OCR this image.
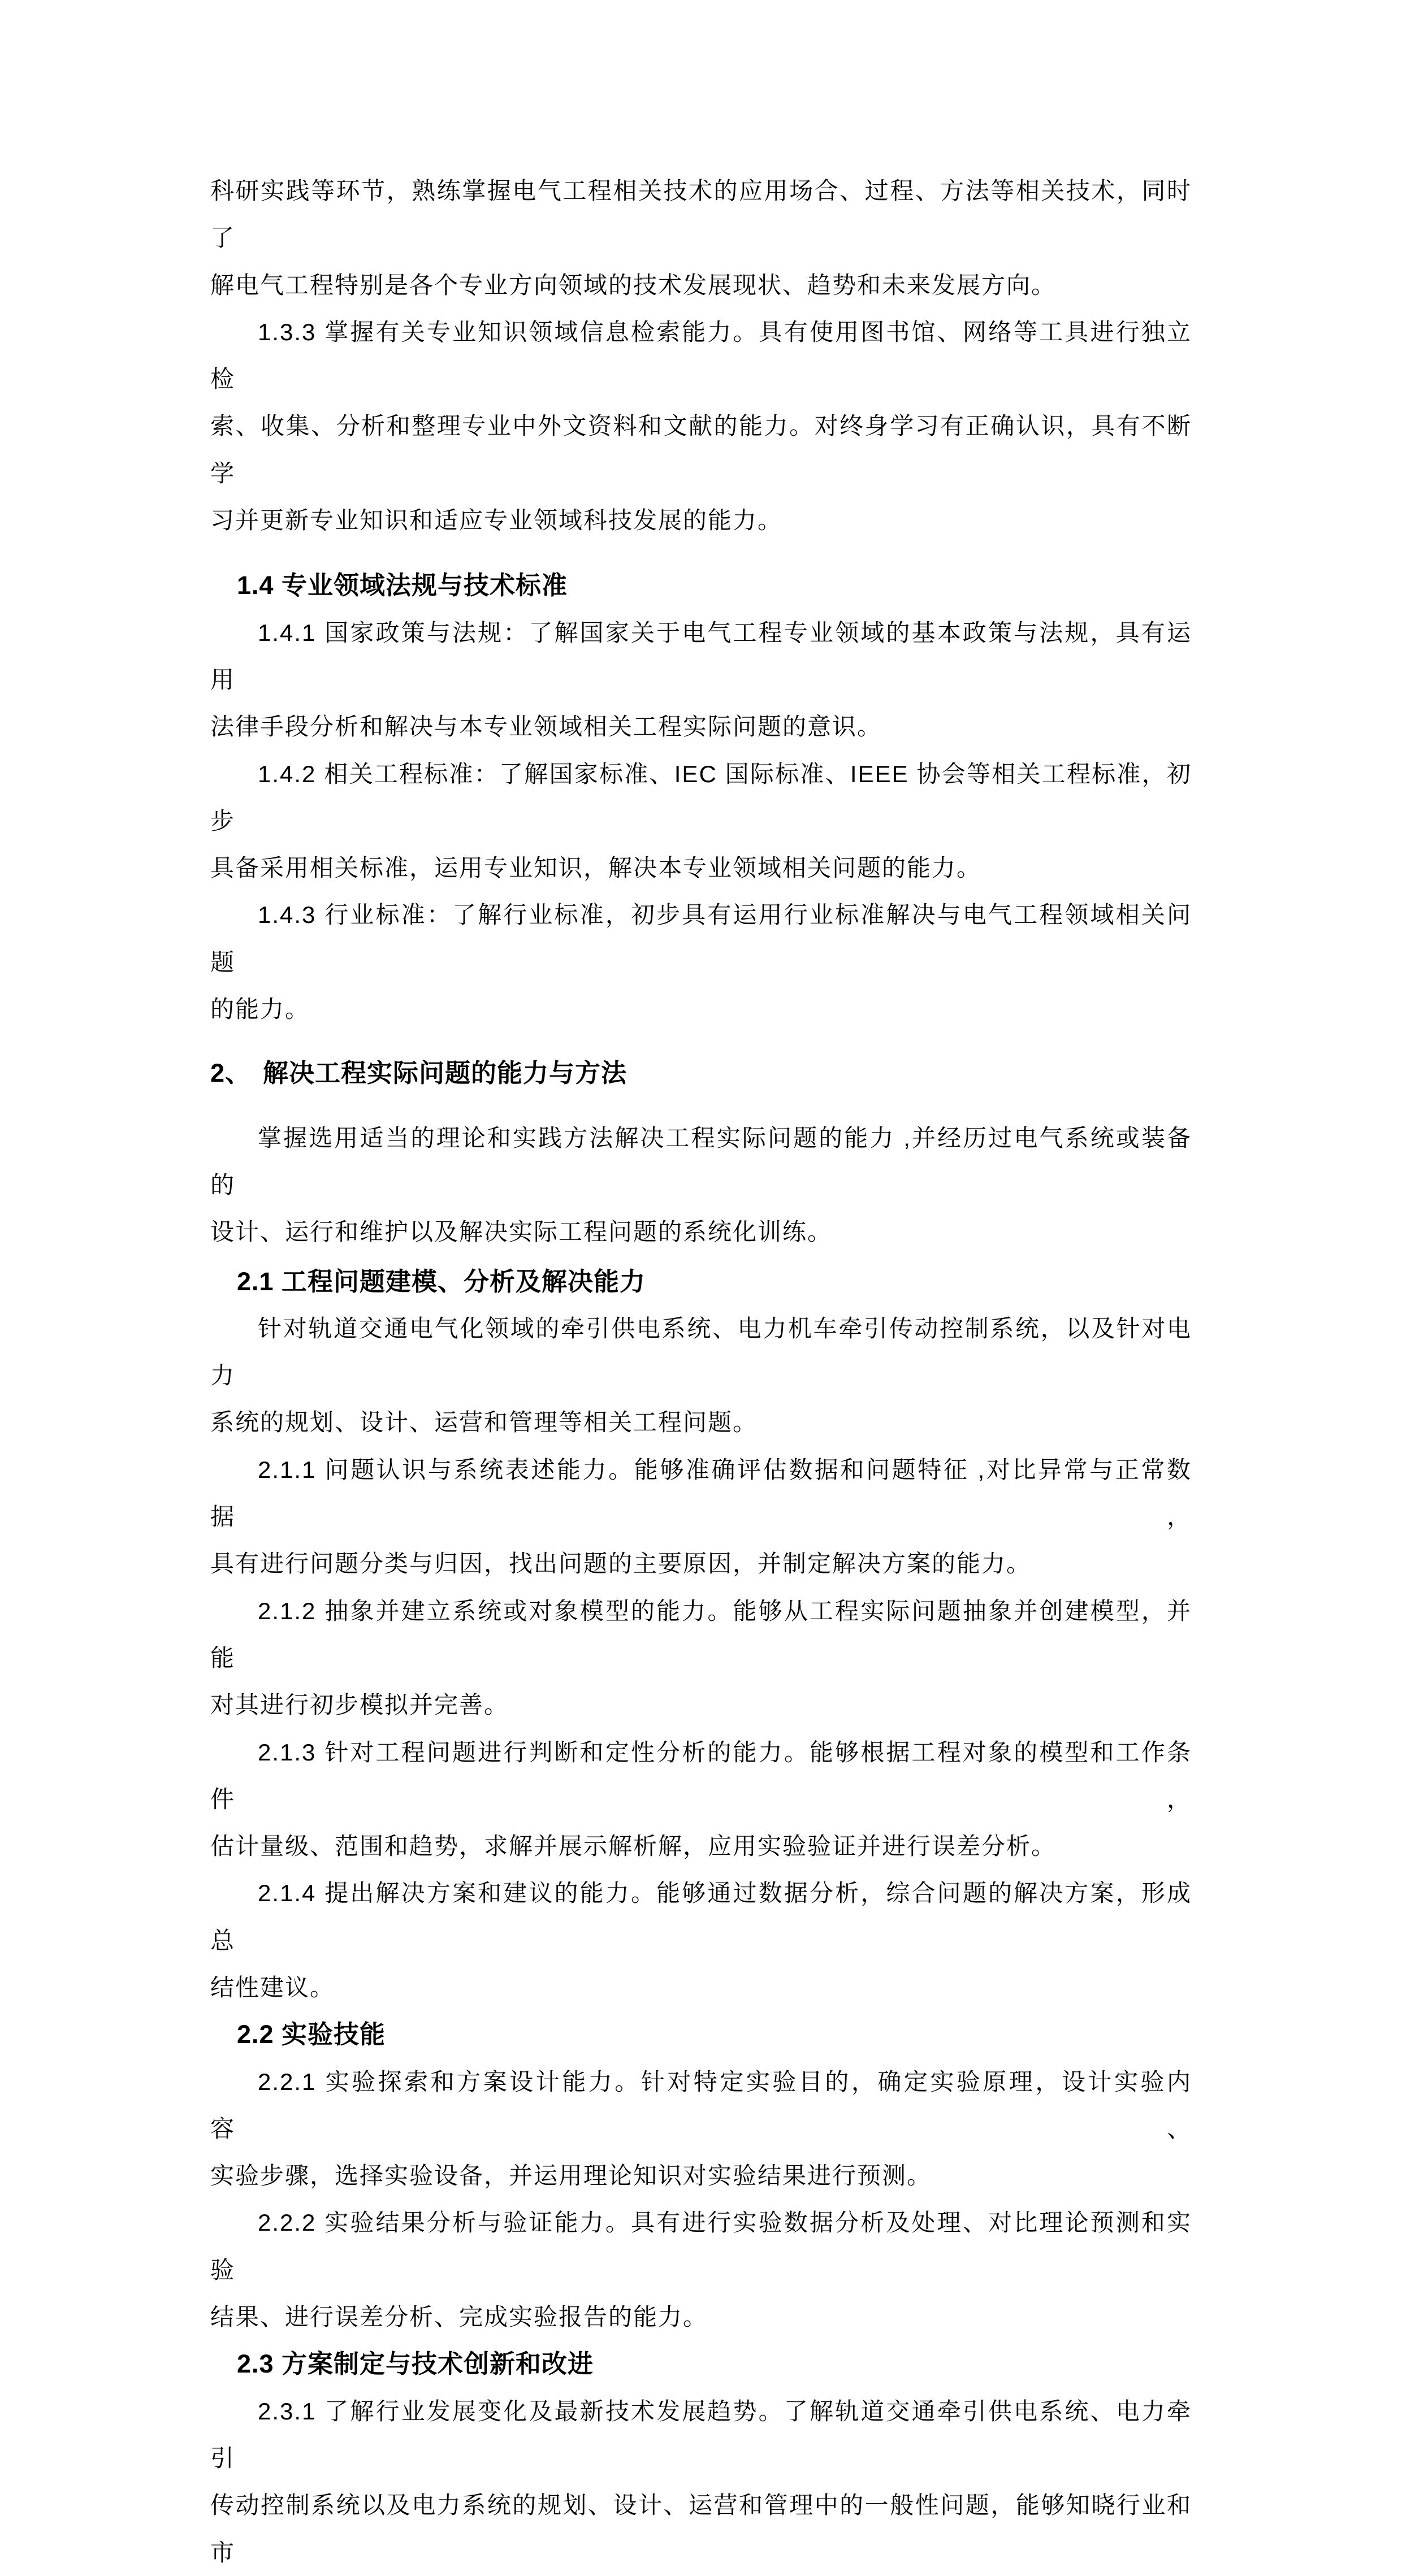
科研实践等环节，熟练掌握电气工程相关技术的应用场合、过程、方法等相关技术，同时了
解电气工程特别是各个专业方向领域的技术发展现状、趋势和未来发展方向。
1.3.3 掌握有关专业知识领域信息检索能力。具有使用图书馆、网络等工具进行独立检
索、收集、分析和整理专业中外文资料和文献的能力。对终身学习有正确认识，具有不断学
习并更新专业知识和适应专业领域科技发展的能力。
1.4 专业领域法规与技术标准
1.4.1 国家政策与法规：了解国家关于电气工程专业领域的基本政策与法规，具有运用
法律手段分析和解决与本专业领域相关工程实际问题的意识。
1.4.2 相关工程标准：了解国家标准、IEC 国际标准、IEEE 协会等相关工程标准，初步
具备采用相关标准，运用专业知识，解决本专业领域相关问题的能力。
1.4.3 行业标准：了解行业标准，初步具有运用行业标准解决与电气工程领域相关问题
的能力。
2、 解决工程实际问题的能力与方法
掌握选用适当的理论和实践方法解决工程实际问题的能力 ,并经历过电气系统或装备的
设计、运行和维护以及解决实际工程问题的系统化训练。
2.1 工程问题建模、分析及解决能力
针对轨道交通电气化领域的牵引供电系统、电力机车牵引传动控制系统，以及针对电力
系统的规划、设计、运营和管理等相关工程问题。
2.1.1 问题认识与系统表述能力。能够准确评估数据和问题特征 ,对比异常与正常数据，
具有进行问题分类与归因，找出问题的主要原因，并制定解决方案的能力。
2.1.2 抽象并建立系统或对象模型的能力。能够从工程实际问题抽象并创建模型，并能
对其进行初步模拟并完善。
2.1.3 针对工程问题进行判断和定性分析的能力。能够根据工程对象的模型和工作条件，
估计量级、范围和趋势，求解并展示解析解，应用实验验证并进行误差分析。
2.1.4 提出解决方案和建议的能力。能够通过数据分析，综合问题的解决方案，形成总
结性建议。
2.2 实验技能
2.2.1 实验探索和方案设计能力。针对特定实验目的，确定实验原理，设计实验内容、
实验步骤，选择实验设备，并运用理论知识对实验结果进行预测。
2.2.2 实验结果分析与验证能力。具有进行实验数据分析及处理、对比理论预测和实验
结果、进行误差分析、完成实验报告的能力。
2.3 方案制定与技术创新和改进
2.3.1 了解行业发展变化及最新技术发展趋势。了解轨道交通牵引供电系统、电力牵引
传动控制系统以及电力系统的规划、设计、运营和管理中的一般性问题，能够知晓行业和市
